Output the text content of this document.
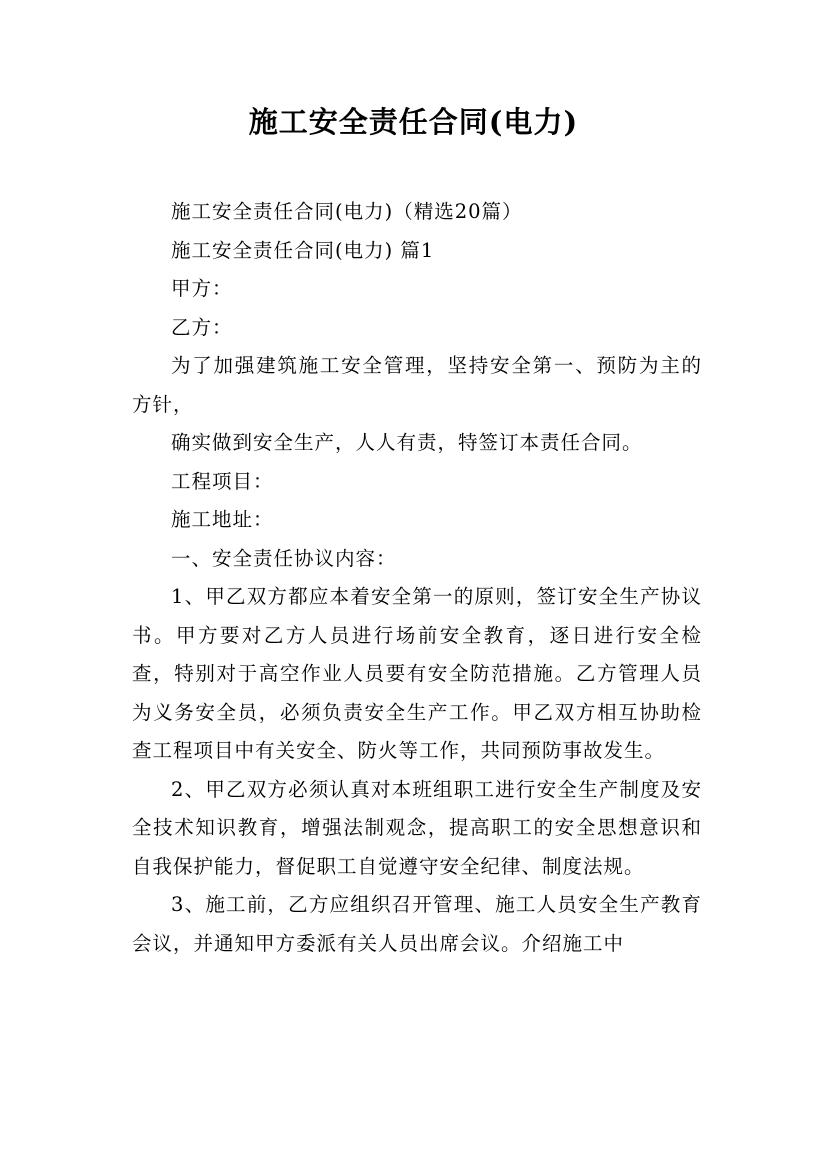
施工安全责任合同(电力)

施工安全责任合同(电力)（精选20篇）

施工安全责任合同(电力) 篇1

甲方：

乙方：

为了加强建筑施工安全管理，坚持安全第一、预防为主的方针，

确实做到安全生产，人人有责，特签订本责任合同。

工程项目：

施工地址：

一、安全责任协议内容：

1、甲乙双方都应本着安全第一的原则，签订安全生产协议书。甲方要对乙方人员进行场前安全教育，逐日进行安全检查，特别对于高空作业人员要有安全防范措施。乙方管理人员为义务安全员，必须负责安全生产工作。甲乙双方相互协助检查工程项目中有关安全、防火等工作，共同预防事故发生。

2、甲乙双方必须认真对本班组职工进行安全生产制度及安全技术知识教育，增强法制观念，提高职工的安全思想意识和自我保护能力，督促职工自觉遵守安全纪律、制度法规。

3、施工前，乙方应组织召开管理、施工人员安全生产教育会议，并通知甲方委派有关人员出席会议。介绍施工中
